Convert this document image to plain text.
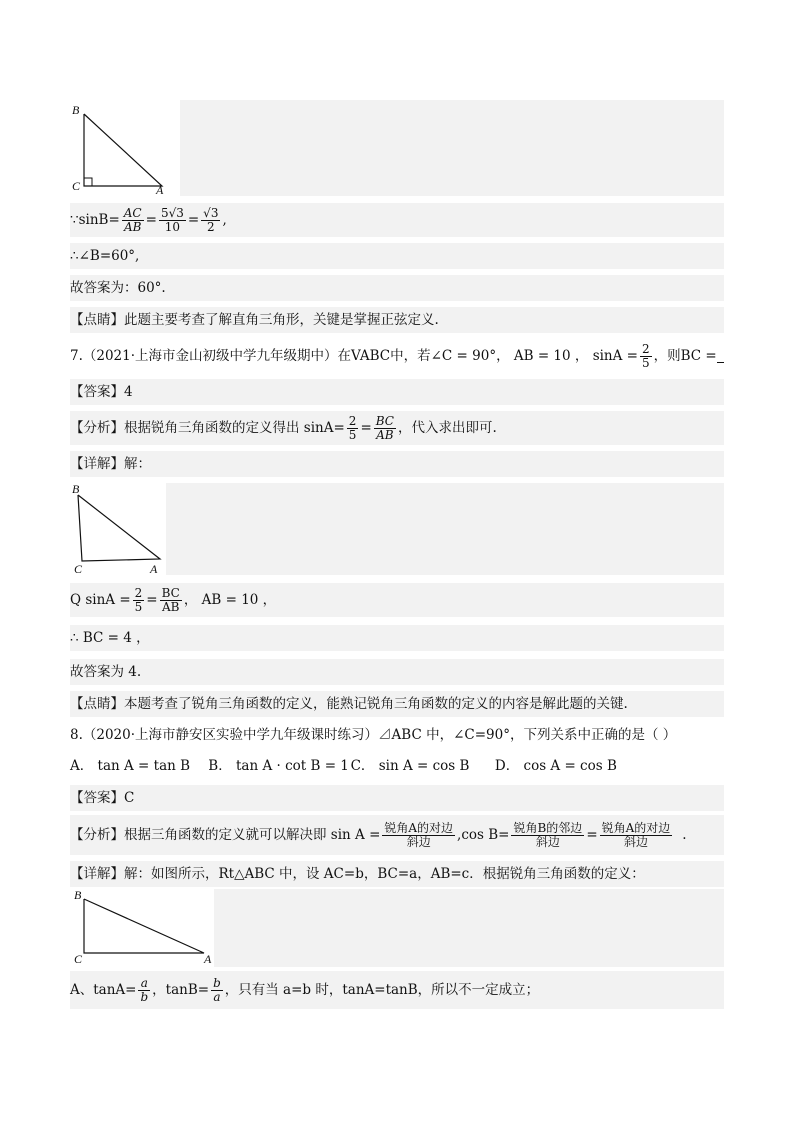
B
C	A
∵sinB= $\frac{AC}{AB} = \frac{5√3}{10} = \frac{√3}{2}$ ,
∴∠B=60°,
故答案为：60°.
【点睛】此题主要考查了解直角三角形，关键是掌握正弦定义.
7.（2021·上海市金山初级中学九年级期中）在VABC中，若∠C = 90°， AB = 10 ， $\sin A = \frac{2}{5}$ ，则BC =
【答案】4
【分析】根据锐角三角函数的定义得出 $\sin A= \frac{2}{5} = \frac{BC}{AB}$ ，代入求出即可.
【详解】解：
B
C	A
Q $\sin A = \frac{2}{5} = \frac{BC}{AB}$ ， AB = 10 ，
∴ BC = 4 ，
故答案为 4.
【点睛】本题考查了锐角三角函数的定义，能熟记锐角三角函数的定义的内容是解此题的关键.
8.（2020·上海市静安区实验中学九年级课时练习）⊿ABC 中，∠C=90°，下列关系中正确的是（ ）
A． tan A = tan B B． tan A · cot B = 1 C． sin A = cos B D． cos A = cos B
【答案】C
【分析】根据三角函数的定义就可以解决即 $\sin A = \frac{\text{锐角A的对边}}{\text{斜边}} ,\cos$ $B= \frac{\text{锐角B的邻边}}{\text{斜边}} = \frac{\text{锐角A的对边}}{\text{斜边}}$ .
【详解】解：如图所示，Rt△ABC 中，设 AC=b，BC=a，AB=c．根据锐角三角函数的定义：
B
C	A
A、$\tan A= \frac{a}{b}$ ，$\tan B= \frac{b}{a}$ ，只有当 a=b 时，tanA=tanB，所以不一定成立；
